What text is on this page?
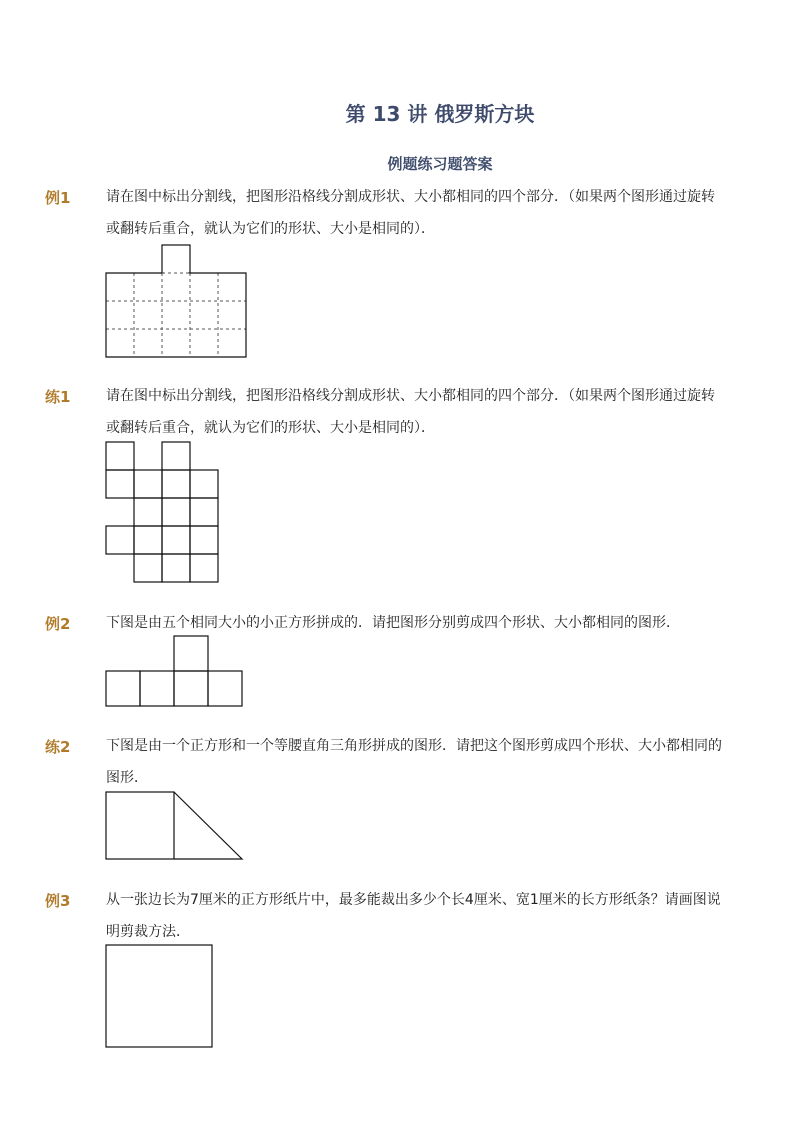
第 13 讲 俄罗斯方块
例题练习题答案
例1	请在图中标出分割线，把图形沿格线分割成形状、大小都相同的四个部分．（如果两个图形通过旋转或翻转后重合，就认为它们的形状、大小是相同的）．
练1	请在图中标出分割线，把图形沿格线分割成形状、大小都相同的四个部分．（如果两个图形通过旋转或翻转后重合，就认为它们的形状、大小是相同的）．
例2	下图是由五个相同大小的小正方形拼成的．请把图形分别剪成四个形状、大小都相同的图形．
练2	下图是由一个正方形和一个等腰直角三角形拼成的图形．请把这个图形剪成四个形状、大小都相同的图形．
例3	从一张边长为7厘米的正方形纸片中，最多能裁出多少个长4厘米、宽1厘米的长方形纸条？请画图说明剪裁方法．
